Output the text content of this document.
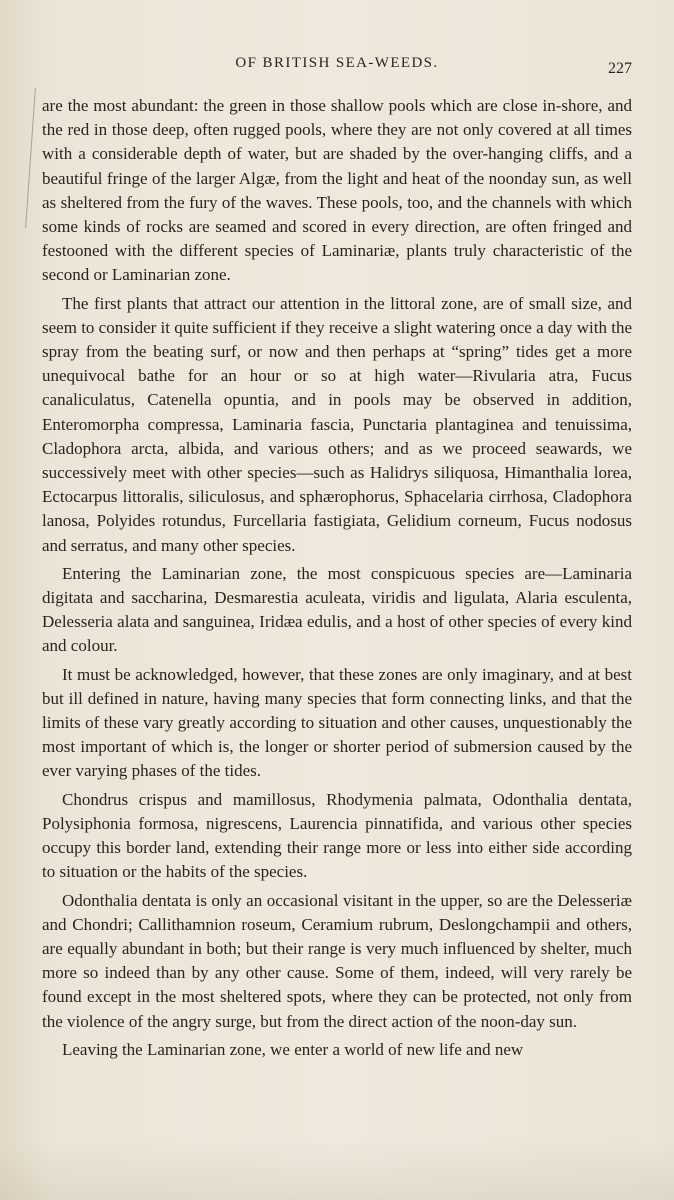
OF BRITISH SEA-WEEDS.	227

are the most abundant: the green in those shallow pools which are close in-shore, and the red in those deep, often rugged pools, where they are not only covered at all times with a considerable depth of water, but are shaded by the over-hanging cliffs, and a beautiful fringe of the larger Algæ, from the light and heat of the noonday sun, as well as sheltered from the fury of the waves. These pools, too, and the channels with which some kinds of rocks are seamed and scored in every direction, are often fringed and festooned with the different species of Laminariæ, plants truly characteristic of the second or Laminarian zone.

The first plants that attract our attention in the littoral zone, are of small size, and seem to consider it quite sufficient if they receive a slight watering once a day with the spray from the beating surf, or now and then perhaps at “spring” tides get a more unequivocal bathe for an hour or so at high water—Rivularia atra, Fucus canaliculatus, Catenella opuntia, and in pools may be observed in addition, Enteromorpha compressa, Laminaria fascia, Punctaria plantaginea and tenuissima, Cladophora arcta, albida, and various others; and as we proceed seawards, we successively meet with other species—such as Halidrys siliquosa, Himanthalia lorea, Ectocarpus littoralis, siliculosus, and sphærophorus, Sphacelaria cirrhosa, Cladophora lanosa, Polyides rotundus, Furcellaria fastigiata, Gelidium corneum, Fucus nodosus and serratus, and many other species.

Entering the Laminarian zone, the most conspicuous species are—Laminaria digitata and saccharina, Desmarestia aculeata, viridis and ligulata, Alaria esculenta, Delesseria alata and sanguinea, Iridæa edulis, and a host of other species of every kind and colour.

It must be acknowledged, however, that these zones are only imaginary, and at best but ill defined in nature, having many species that form connecting links, and that the limits of these vary greatly according to situation and other causes, unquestionably the most important of which is, the longer or shorter period of submersion caused by the ever varying phases of the tides.

Chondrus crispus and mamillosus, Rhodymenia palmata, Odonthalia dentata, Polysiphonia formosa, nigrescens, Laurencia pinnatifida, and various other species occupy this border land, extending their range more or less into either side according to situation or the habits of the species.

Odonthalia dentata is only an occasional visitant in the upper, so are the Delesseriæ and Chondri; Callithamnion roseum, Ceramium rubrum, Deslongchampii and others, are equally abundant in both; but their range is very much influenced by shelter, much more so indeed than by any other cause. Some of them, indeed, will very rarely be found except in the most sheltered spots, where they can be protected, not only from the violence of the angry surge, but from the direct action of the noon-day sun.

Leaving the Laminarian zone, we enter a world of new life and new
